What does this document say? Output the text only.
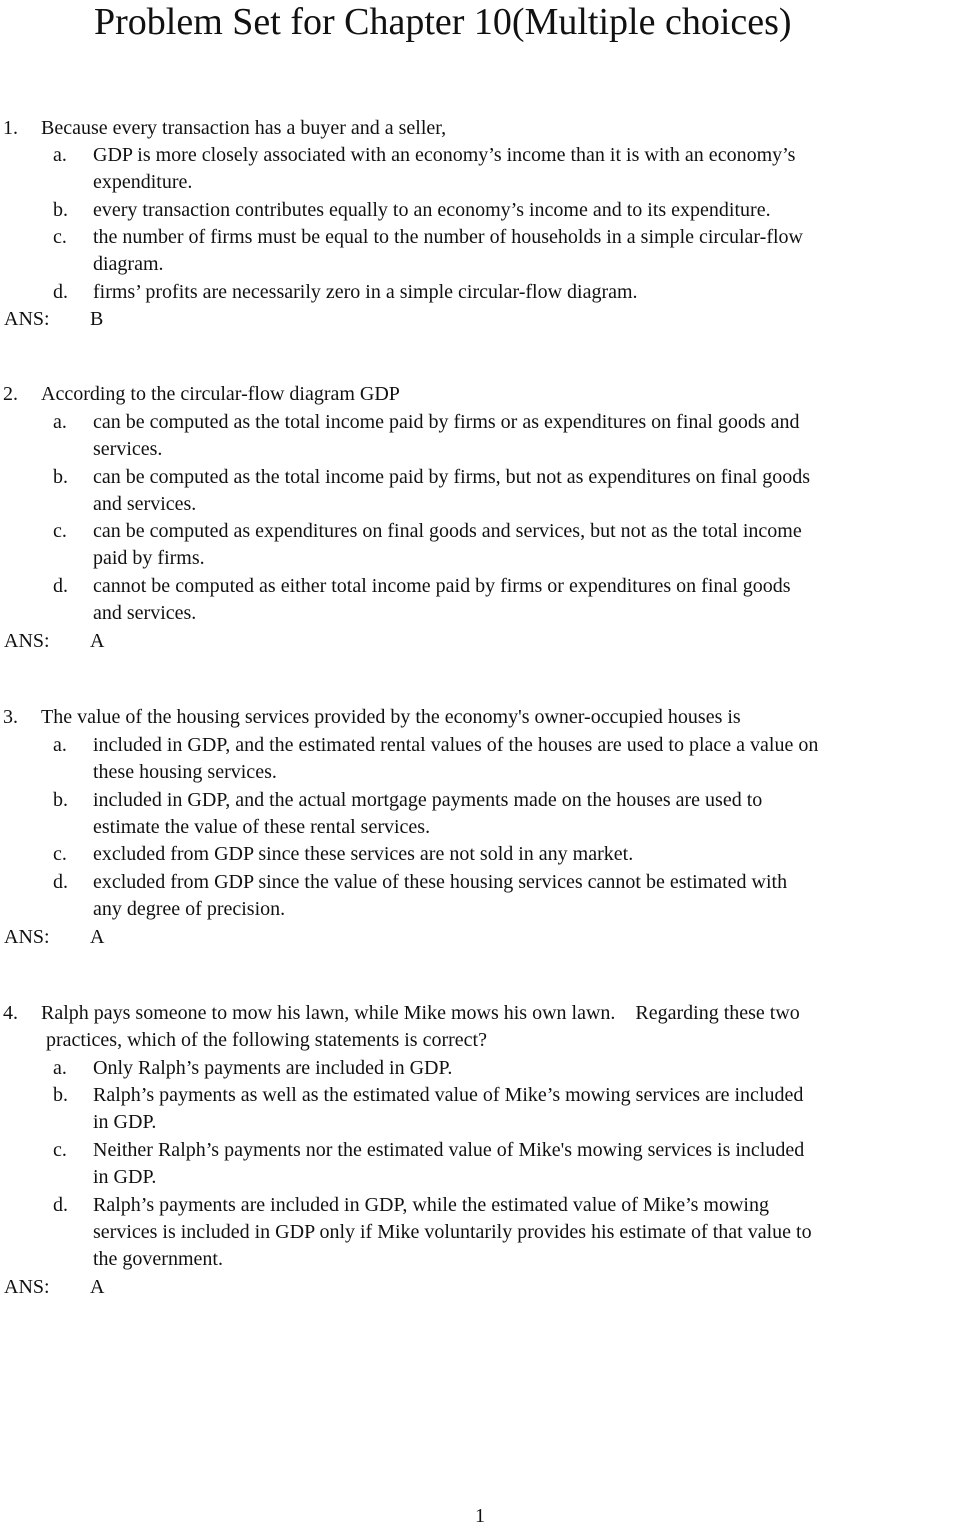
Problem Set for Chapter 10(Multiple choices)
1. Because every transaction has a buyer and a seller,
a. GDP is more closely associated with an economy’s income than it is with an economy’s
expenditure.
b. every transaction contributes equally to an economy’s income and to its expenditure.
c. the number of firms must be equal to the number of households in a simple circular-flow
diagram.
d. firms’ profits are necessarily zero in a simple circular-flow diagram.
ANS: B
2. According to the circular-flow diagram GDP
a. can be computed as the total income paid by firms or as expenditures on final goods and
services.
b. can be computed as the total income paid by firms, but not as expenditures on final goods
and services.
c. can be computed as expenditures on final goods and services, but not as the total income
paid by firms.
d. cannot be computed as either total income paid by firms or expenditures on final goods
and services.
ANS: A
3. The value of the housing services provided by the economy's owner-occupied houses is
a. included in GDP, and the estimated rental values of the houses are used to place a value on
these housing services.
b. included in GDP, and the actual mortgage payments made on the houses are used to
estimate the value of these rental services.
c. excluded from GDP since these services are not sold in any market.
d. excluded from GDP since the value of these housing services cannot be estimated with
any degree of precision.
ANS: A
4. Ralph pays someone to mow his lawn, while Mike mows his own lawn.    Regarding these two
practices, which of the following statements is correct?
a. Only Ralph’s payments are included in GDP.
b. Ralph’s payments as well as the estimated value of Mike’s mowing services are included
in GDP.
c. Neither Ralph’s payments nor the estimated value of Mike's mowing services is included
in GDP.
d. Ralph’s payments are included in GDP, while the estimated value of Mike’s mowing
services is included in GDP only if Mike voluntarily provides his estimate of that value to
the government.
ANS: A
1
